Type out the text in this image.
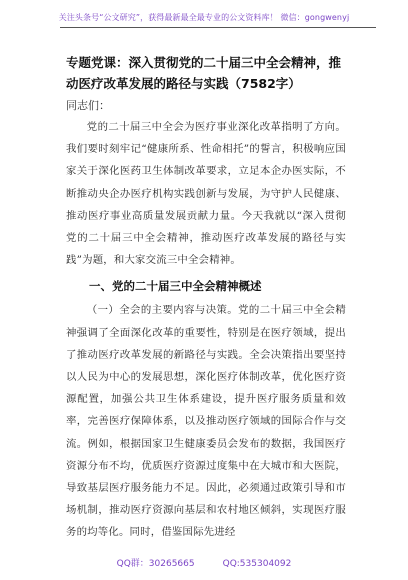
关注头条号“公文研究”，获得最新最全最专业的公文资料库！ 微信：gongwenyj

专题党课：深入贯彻党的二十届三中全会精神，推动医疗改革发展的路径与实践（7582字）

同志们：

党的二十届三中全会为医疗事业深化改革指明了方向。我们要时刻牢记“健康所系、性命相托”的誓言，积极响应国家关于深化医药卫生体制改革要求，立足本企办医实际，不断推动央企办医疗机构实践创新与发展，为守护人民健康、推动医疗事业高质量发展贡献力量。今天我就以“深入贯彻党的二十届三中全会精神，推动医疗改革发展的路径与实践”为题，和大家交流三中全会精神。

一、党的二十届三中全会精神概述

（一）全会的主要内容与决策。党的二十届三中全会精神强调了全面深化改革的重要性，特别是在医疗领域，提出了推动医疗改革发展的新路径与实践。全会决策指出要坚持以人民为中心的发展思想，深化医疗体制改革，优化医疗资源配置，加强公共卫生体系建设，提升医疗服务质量和效率，完善医疗保障体系，以及推动医疗领域的国际合作与交流。例如，根据国家卫生健康委员会发布的数据，我国医疗资源分布不均，优质医疗资源过度集中在大城市和大医院，导致基层医疗服务能力不足。因此，必须通过政策引导和市场机制，推动医疗资源向基层和农村地区倾斜，实现医疗服务的均等化。同时，借鉴国际先进经

QQ群：30265665	QQ:535304092
